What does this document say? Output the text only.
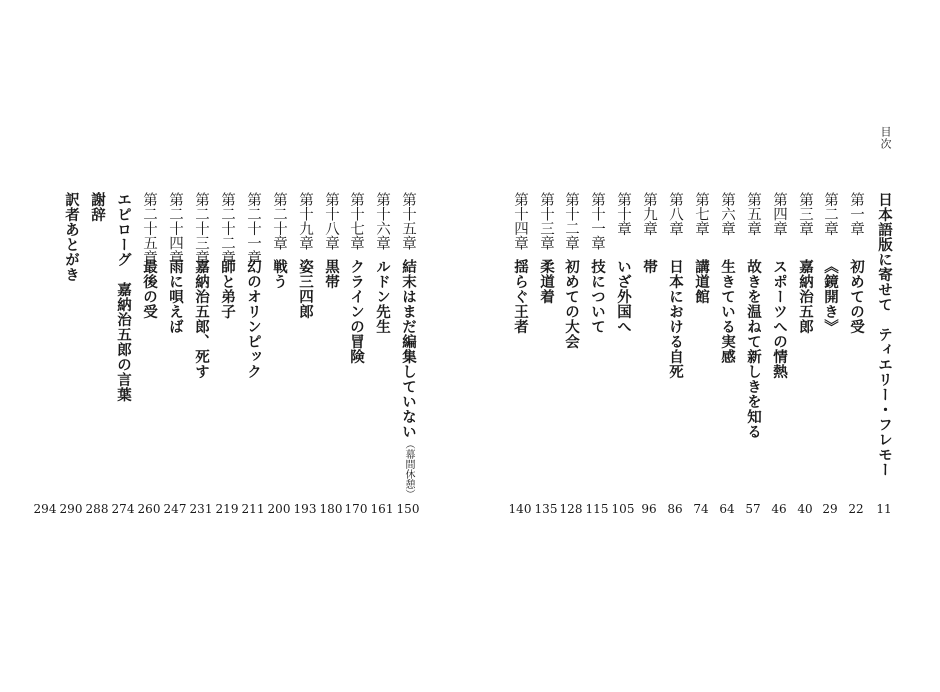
目次
日本語版に寄せて　ティエリー・フレモー
11
第一章
初めての受
22
第二章
《鏡開き》
29
第三章
嘉納治五郎
40
第四章
スポーツへの情熱
46
第五章
故きを温ねて新しきを知る
57
第六章
生きている実感
64
第七章
講道館
74
第八章
日本における自死
86
第九章
帯
96
第十章
いざ外国へ
105
第十一章
技について
115
第十二章
初めての大会
128
第十三章
柔道着
135
第十四章
揺らぐ王者
140
第十五章
結末はまだ編集していない（幕間休憩）
150
第十六章
ルドン先生
161
第十七章
クラインの冒険
170
第十八章
黒帯
180
第十九章
姿三四郎
193
第二十章
戦う
200
第二十一章
幻のオリンピック
211
第二十二章
師と弟子
219
第二十三章
嘉納治五郎、死す
231
第二十四章
雨に唄えば
247
第二十五章
最後の受
260
エピローグ　嘉納治五郎の言葉
274
謝辞
288
訳者あとがき
290
294
